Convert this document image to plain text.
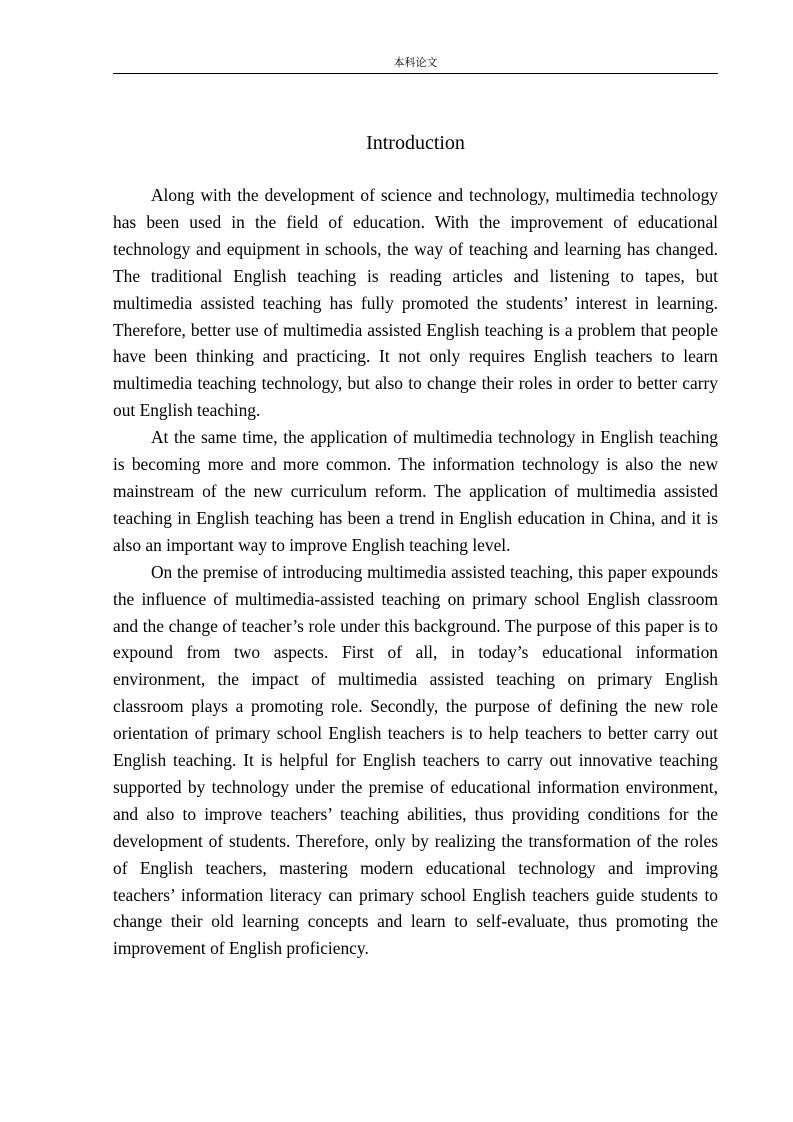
本科论文
Introduction

Along with the development of science and technology, multimedia technology has been used in the field of education. With the improvement of educational technology and equipment in schools, the way of teaching and learning has changed. The traditional English teaching is reading articles and listening to tapes, but multimedia assisted teaching has fully promoted the students’ interest in learning. Therefore, better use of multimedia assisted English teaching is a problem that people have been thinking and practicing. It not only requires English teachers to learn multimedia teaching technology, but also to change their roles in order to better carry out English teaching.

At the same time, the application of multimedia technology in English teaching is becoming more and more common. The information technology is also the new mainstream of the new curriculum reform. The application of multimedia assisted teaching in English teaching has been a trend in English education in China, and it is also an important way to improve English teaching level.

On the premise of introducing multimedia assisted teaching, this paper expounds the influence of multimedia-assisted teaching on primary school English classroom and the change of teacher’s role under this background. The purpose of this paper is to expound from two aspects. First of all, in today’s educational information environment, the impact of multimedia assisted teaching on primary English classroom plays a promoting role. Secondly, the purpose of defining the new role orientation of primary school English teachers is to help teachers to better carry out English teaching. It is helpful for English teachers to carry out innovative teaching supported by technology under the premise of educational information environment, and also to improve teachers’ teaching abilities, thus providing conditions for the development of students. Therefore, only by realizing the transformation of the roles of English teachers, mastering modern educational technology and improving teachers’ information literacy can primary school English teachers guide students to change their old learning concepts and learn to self-evaluate, thus promoting the improvement of English proficiency.
